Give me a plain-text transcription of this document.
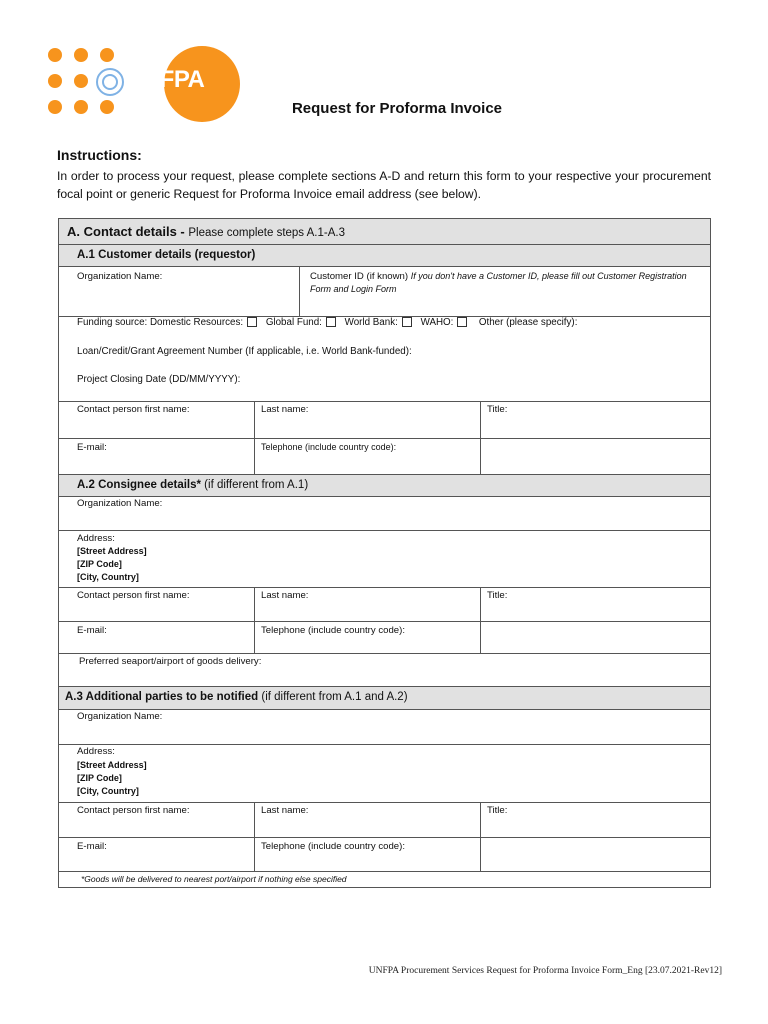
UNFPA
Request for Proforma Invoice
Instructions:
In order to process your request, please complete sections A-D and return this form to your respective your procurement focal point or generic Request for Proforma Invoice email address (see below).
A. Contact details - Please complete steps A.1-A.3
A.1 Customer details (requestor)
Organization Name:	Customer ID (if known) If you don't have a Customer ID, please fill out Customer Registration
Form and Login Form
Funding source: Domestic Resources: Global Fund: World Bank: WAHO:	Other (please specify):
Loan/Credit/Grant Agreement Number (If applicable, i.e. World Bank-funded):
Project Closing Date (DD/MM/YYYY):
Contact person first name:	Last name:	Title:
E-mail:	Telephone (include country code):
A.2 Consignee details* (if different from A.1)
Organization Name:
Address:
[Street Address]
[ZIP Code]
[City, Country]
Contact person first name:	Last name:	Title:
E-mail:	Telephone (include country code):
Preferred seaport/airport of goods delivery:
A.3 Additional parties to be notified (if different from A.1 and A.2)
Organization Name:
Address:
[Street Address]
[ZIP Code]
[City, Country]
Contact person first name:	Last name:	Title:
E-mail:	Telephone (include country code):
*Goods will be delivered to nearest port/airport if nothing else specified
UNFPA Procurement Services Request for Proforma Invoice Form_Eng [23.07.2021-Rev12]
